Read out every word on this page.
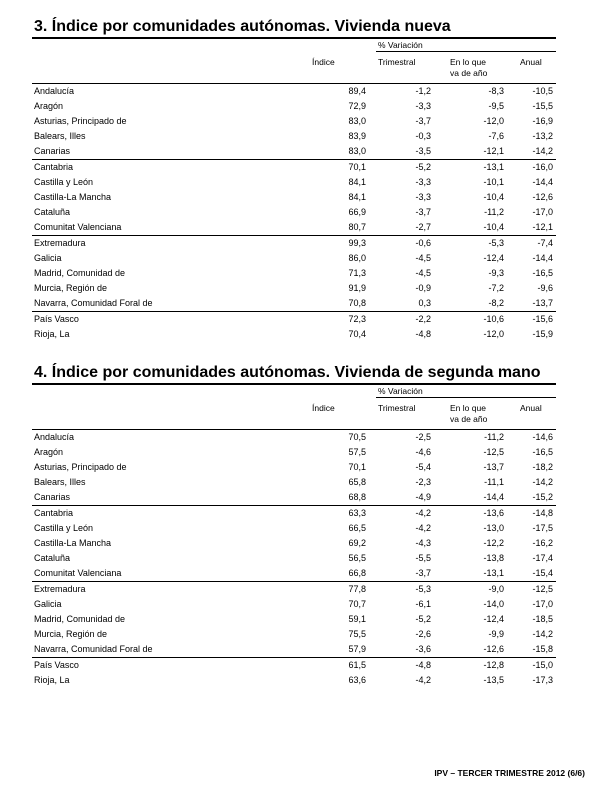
3. Índice por comunidades autónomas. Vivienda nueva
% Variación
Índice	Trimestral	En lo que
va de año
Anual
Andalucía	89,4	-1,2	-8,3	-10,5
Aragón	72,9	-3,3	-9,5	-15,5
Asturias, Principado de	83,0	-3,7	-12,0	-16,9
Balears, Illes	83,9	-0,3	-7,6	-13,2
Canarias	83,0	-3,5	-12,1	-14,2
Cantabria	70,1	-5,2	-13,1	-16,0
Castilla y León	84,1	-3,3	-10,1	-14,4
Castilla-La Mancha	84,1	-3,3	-10,4	-12,6
Cataluña	66,9	-3,7	-11,2	-17,0
Comunitat Valenciana	80,7	-2,7	-10,4	-12,1
Extremadura	99,3	-0,6	-5,3	-7,4
Galicia	86,0	-4,5	-12,4	-14,4
Madrid, Comunidad de	71,3	-4,5	-9,3	-16,5
Murcia, Región de	91,9	-0,9	-7,2	-9,6
Navarra, Comunidad Foral de	70,8	0,3	-8,2	-13,7
País Vasco	72,3	-2,2	-10,6	-15,6
Rioja, La	70,4	-4,8	-12,0	-15,9
4. Índice por comunidades autónomas. Vivienda de segunda mano
% Variación
Índice	Trimestral	En lo que
va de año
Anual
Andalucía	70,5	-2,5	-11,2	-14,6
Aragón	57,5	-4,6	-12,5	-16,5
Asturias, Principado de	70,1	-5,4	-13,7	-18,2
Balears, Illes	65,8	-2,3	-11,1	-14,2
Canarias	68,8	-4,9	-14,4	-15,2
Cantabria	63,3	-4,2	-13,6	-14,8
Castilla y León	66,5	-4,2	-13,0	-17,5
Castilla-La Mancha	69,2	-4,3	-12,2	-16,2
Cataluña	56,5	-5,5	-13,8	-17,4
Comunitat Valenciana	66,8	-3,7	-13,1	-15,4
Extremadura	77,8	-5,3	-9,0	-12,5
Galicia	70,7	-6,1	-14,0	-17,0
Madrid, Comunidad de	59,1	-5,2	-12,4	-18,5
Murcia, Región de	75,5	-2,6	-9,9	-14,2
Navarra, Comunidad Foral de	57,9	-3,6	-12,6	-15,8
País Vasco	61,5	-4,8	-12,8	-15,0
Rioja, La	63,6	-4,2	-13,5	-17,3
IPV – TERCER TRIMESTRE 2012 (6/6)
